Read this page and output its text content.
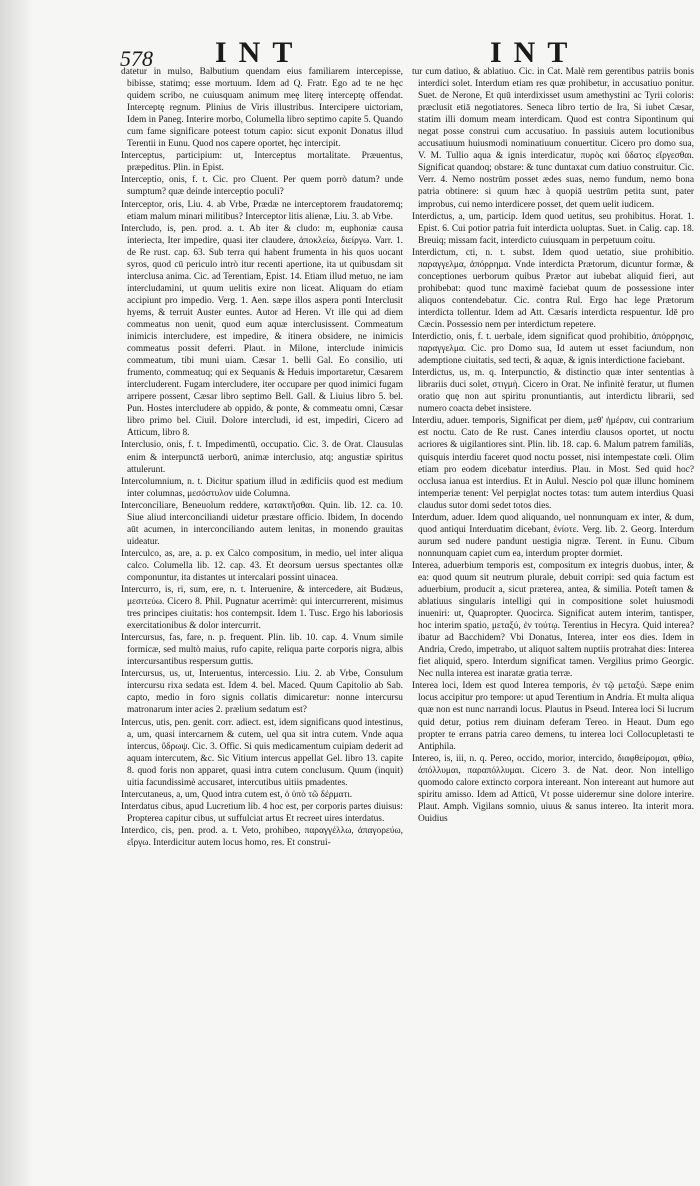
578 INT	INT

datetur in mulso, Balbutium quendam eius familiarem intercepisse, bibisse, statimq; esse mortuum. Idem ad Q. Fratr. Ego ad te ne hęc quidem scribo, ne cuiusquam animum meę literę interceptę offendat. Interceptę regnum. Plinius de Viris illustribus. Intercipere uictoriam, Idem in Paneg. Interire morbo, Columella libro septimo capite 5. Quando cum fame significare poteest totum capio: sicut exponit Donatus illud Terentii in Eunu. Quod nos capere oportet, hęc intercipit.

Interceptus, participium: ut, Interceptus mortalitate. Præuentus, præpeditus. Plin. in Epist.

Interceptio, onis, f. t. Cic. pro Cluent. Per quem porrò datum? unde sumptum? quæ deinde interceptio poculi?

Interceptor, oris, Liu. 4. ab Vrbe, Prædæ ne interceptorem fraudatoremq; etiam malum minari militibus? Interceptor litis alienæ, Liu. 3. ab Vrbe.

Intercludo, is, pen. prod. a. t. Ab iter & cludo: m, euphoniæ causa interiecta, Iter impedire, quasi iter claudere, ἀποκλείω, διείργω. Varr. 1. de Re rust. cap. 63. Sub terra qui habent frumenta in his quos uocant syros, quod cū periculo intrò itur recenti apertione, ita ut quibusdam sit interclusa anima. Cic. ad Terentiam, Epist. 14. Etiam illud metuo, ne iam intercludamini, ut quum uelitis exire non liceat. Aliquam do etiam accipiunt pro impedio. Verg. 1. Aen. sæpe illos aspera ponti Interclusit hyems, & terruit Auster euntes. Autor ad Heren. Vt ille qui ad diem commeatus non uenit, quod eum aquæ interclusissent. Commeatum inimicis intercludere, est impedire, & itinera obsidere, ne inimicis commeatus possit deferri. Plaut. in Milone, interclude inimicis commeatum, tibi muni uiam. Cæsar 1. belli Gal. Eo consilio, uti frumento, commeatuq; qui ex Sequanis & Heduis importaretur, Cæsarem intercluderent. Fugam intercludere, iter occupare per quod inimici fugam arripere possent, Cæsar libro septimo Bell. Gall. & Liuius libro 5. bel. Pun. Hostes intercludere ab oppido, & ponte, & commeatu omni, Cæsar libro primo bel. Ciuil. Dolore intercludi, id est, impediri, Cicero ad Atticum, libro 8.

Interclusio, onis, f. t. Impedimentū, occupatio. Cic. 3. de Orat. Clausulas enim & interpunctā uerborū, animæ interclusio, atq; angustiæ spiritus attulerunt.

Intercolumnium, n. t. Dicitur spatium illud in ædificiis quod est medium inter columnas, μεσόστυλον uide Columna.

Interconciliare, Beneuolum reddere, κατακτῆσθαι. Quin. lib. 12. ca. 10. Siue aliud interconciliandi uidetur præstare officio. Ibidem, In docendo aūt acumen, in interconciliando autem lenitas, in monendo grauitas uideatur.

Interculco, as, are, a. p. ex Calco compositum, in medio, uel inter aliqua calco. Columella lib. 12. cap. 43. Et deorsum uersus spectantes ollæ componuntur, ita distantes ut intercalari possint uinacea.

Intercurro, is, ri, sum, ere, n. t. Interuenire, & intercedere, ait Budæus, μεσιτεύω. Cicero 8. Phil. Pugnatur acerrimè: qui intercurrerent, misimus tres principes ciuitatis: hos contempsit. Idem 1. Tusc. Ergo his laboriosis exercitationibus & dolor intercurrit.

Intercursus, fas, fare, n. p. frequent. Plin. lib. 10. cap. 4. Vnum simile formicæ, sed multò maius, rufo capite, reliqua parte corporis nigra, albis intercursantibus respersum guttis.

Intercursus, us, ut, Interuentus, intercessio. Liu. 2. ab Vrbe, Consulum intercursu rixa sedata est. Idem 4. bel. Maced. Quum Capitolio ab Sab. capto, medio in foro signis collatis dimicaretur: nonne intercursu matronarum inter acies 2. prælium sedatum est?

Intercus, utis, pen. genit. corr. adiect. est, idem significans quod intestinus, a, um, quasi intercarnem & cutem, uel qua sit intra cutem. Vnde aqua intercus, ὕδρωψ. Cic. 3. Offic. Si quis medicamentum cuipiam dederit ad aquam intercutem, &c. Sic Vitium intercus appellat Gel. libro 13. capite 8. quod foris non apparet, quasi intra cutem conclusum. Quum (inquit) uitia facundissimè accusaret, intercutibus uitiis pmadentes.

Intercutaneus, a, um, Quod intra cutem est, ὁ ὑπὸ τῶ δέρματι.

Interdatus cibus, apud Lucretium lib. 4 hoc est, per corporis partes diuisus: Propterea capitur cibus, ut suffulciat artus Et recreet uires interdatus.

Interdico, cis, pen. prod. a. t. Veto, prohibeo, παραγγέλλω, ἀπαγορεύω, εἴργω. Interdicitur autem locus homo, res. Et construi-

tur cum datiuo, & ablatiuo. Cic. in Cat. Malè rem gerentibus patriis bonis interdici solet. Interdum etiam res quæ prohibetur, in accusatiuo ponitur. Suet. de Nerone, Et quū interdixisset usum amethystini ac Tyrii coloris: præclusit etiā negotiatores. Seneca libro tertio de Ira, Si iubet Cæsar, statim illi domum meam interdicam. Quod est contra Sipontinum qui negat posse construi cum accusatiuo. In passiuis autem locutionibus accusatiuum huiusmodi nominatiuum conuertitur. Cicero pro domo sua, V. M. Tullio aqua & ignis interdicatur, πυρὸς καὶ ὕδατος εἴργεσθαι. Significat quandoq; obstare: & tunc duntaxat cum datiuo construitur. Cic. Verr. 4. Nemo nostrūm posset ædes suas, nemo fundum, nemo bona patria obtinere: si quum hæc à quopiā uestrūm petita sunt, pater improbus, cui nemo interdicere posset, det quem uelit iudicem.

Interdictus, a, um, particip. Idem quod uetitus, seu prohibitus. Horat. 1. Epist. 6. Cui potior patria fuit interdicta uoluptas. Suet. in Calig. cap. 18. Breuiq; missam facit, interdicto cuiusquam in perpetuum coitu.

Interdictum, cti, n. t. subst. Idem quod uetatio, siue prohibitio. παραγγελμα, ἀπόρρημα. Vnde interdicta Prætorum, dicuntur formæ, & conceptiones uerborum quibus Prætor aut iubebat aliquid fieri, aut prohibebat: quod tunc maximè faciebat quum de possessione inter aliquos contendebatur. Cic. contra Rul. Ergo hac lege Prætorum interdicta tollentur. Idem ad Att. Cæsaris interdicta respuentur. Idē pro Cæcin. Possessio nem per interdictum repetere.

Interdictio, onis, f. t. uerbale, idem significat quod prohibitio, ἀπόρρησις, παραγγελμα. Cic. pro Domo sua, Id autem ut esset faciundum, non ademptione ciuitatis, sed tecti, & aquæ, & ignis interdictione faciebant.

Interdictus, us, m. q. Interpunctio, & distinctio quæ inter sententias à librariis duci solet, στιγμὴ. Cicero in Orat. Ne infinitè feratur, ut flumen oratio quę non aut spiritu pronuntiantis, aut interdictu librarii, sed numero coacta debet insistere.

Interdiu, aduer. temporis, Significat per diem, μεθ' ἡμέραν, cui contrarium est noctu. Cato de Re rust. Canes interdiu clausos oportet, ut noctu acriores & uigilantiores sint. Plin. lib. 18. cap. 6. Malum patrem familiās, quisquis interdiu faceret quod noctu posset, nisi intempestate cœli. Olim etiam pro eodem dicebatur interdius. Plau. in Most. Sed quid hoc? occlusa ianua est interdius. Et in Aulul. Nescio pol quæ illunc hominem intemperiæ tenent: Vel perpiglat noctes totas: tum autem interdius Quasi claudus sutor domi sedet totos dies.

Interdum, aduer. Idem quod aliquando, uel nonnunquam ex inter, & dum, quod antiqui Interduatim dicebant, ἐνίοτε. Verg. lib. 2. Georg. Interdum aurum sed nudere pandunt uestigia nigræ. Terent. in Eunu. Cibum nonnunquam capiet cum ea, interdum propter dormiet.

Interea, aduerbium temporis est, compositum ex integris duobus, inter, & ea: quod quum sit neutrum plurale, debuit corripi: sed quia factum est aduerbium, producit a, sicut præterea, antea, & similia. Poteſt tamen & ablatiuus singularis intelligi qui in compositione solet huiusmodi inueniri: ut, Quapropter. Quocirca. Significat autem interim, tantisper, hoc interim spatio, μεταξύ, ἐν τούτῳ. Terentius in Hecyra. Quid interea? ibatur ad Bacchidem? Vbi Donatus, Interea, inter eos dies. Idem in Andria, Credo, impetrabo, ut aliquot saltem nuptiis protrahat dies: Interea fiet aliquid, spero. Interdum significat tamen. Vergilius primo Georgic. Nec nulla interea est inaratæ gratia terræ.

Interea loci, Idem est quod Interea temporis, ἐν τῷ μεταξύ. Sæpe enim locus accipitur pro tempore: ut apud Terentium in Andria. Et multa aliqua quæ non est nunc narrandi locus. Plautus in Pseud. Interea loci Si lucrum quid detur, potius rem diuinam deferam Tereo. in Heaut. Dum ego propter te errans patria careo demens, tu interea loci Collocupletasti te Antiphila.

Intereo, is, iii, n. q. Pereo, occido, morior, intercido, διαφθείρομαι, φθίω, ἀπόλλυμαι, παραπόλλυμαι. Cicero 3. de Nat. deor. Non intelligo quomodo calore extincto corpora intereant. Non intereant aut humore aut spiritu amisso. Idem ad Atticū, Vt posse uideremur sine dolore interire. Plaut. Amph. Vigilans somnio, uiuus & sanus intereo. Ita interit mora. Ouidius
